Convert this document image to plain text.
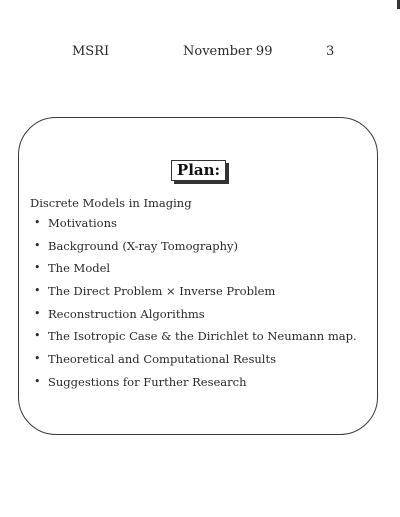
MSRI	November 99	3
Plan:
Discrete Models in Imaging
• Motivations
• Background (X-ray Tomography)
• The Model
• The Direct Problem × Inverse Problem
• Reconstruction Algorithms
• The Isotropic Case & the Dirichlet to Neumann map.
• Theoretical and Computational Results
• Suggestions for Further Research
